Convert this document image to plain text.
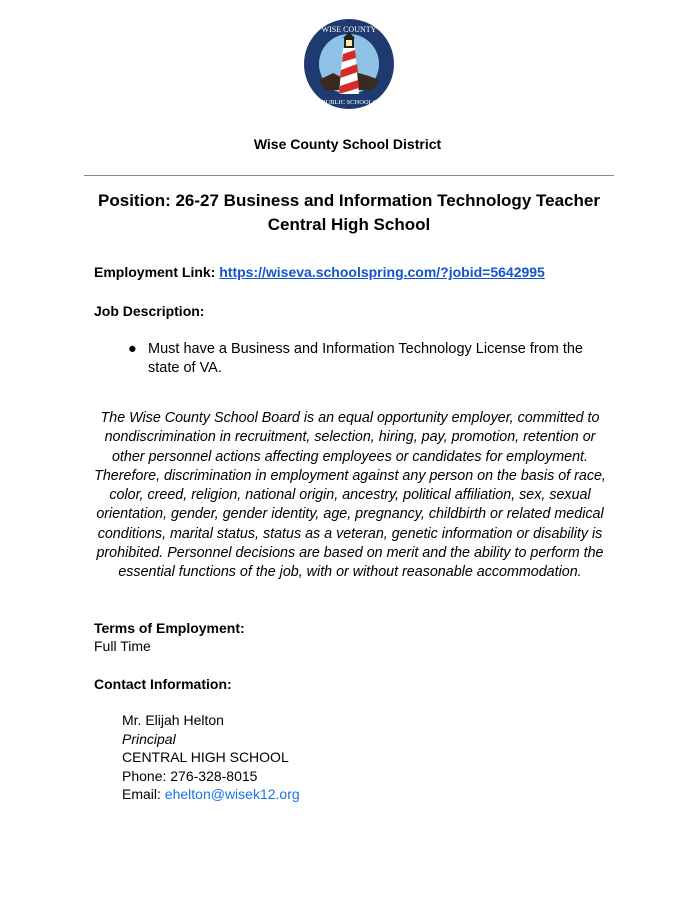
WISE COUNTY
PUBLIC SCHOOLS
Wise County School District
Position: 26-27 Business and Information Technology Teacher
Central High School
Employment Link: https://wiseva.schoolspring.com/?jobid=5642995
Job Description:
● Must have a Business and Information Technology License from the state of VA.
The Wise County School Board is an equal opportunity employer, committed to nondiscrimination in recruitment, selection, hiring, pay, promotion, retention or other personnel actions affecting employees or candidates for employment. Therefore, discrimination in employment against any person on the basis of race, color, creed, religion, national origin, ancestry, political affiliation, sex, sexual orientation, gender, gender identity, age, pregnancy, childbirth or related medical conditions, marital status, status as a veteran, genetic information or disability is prohibited. Personnel decisions are based on merit and the ability to perform the essential functions of the job, with or without reasonable accommodation.
Terms of Employment:
Full Time
Contact Information:
Mr. Elijah Helton
Principal
CENTRAL HIGH SCHOOL
Phone: 276-328-8015
Email: ehelton@wisek12.org
